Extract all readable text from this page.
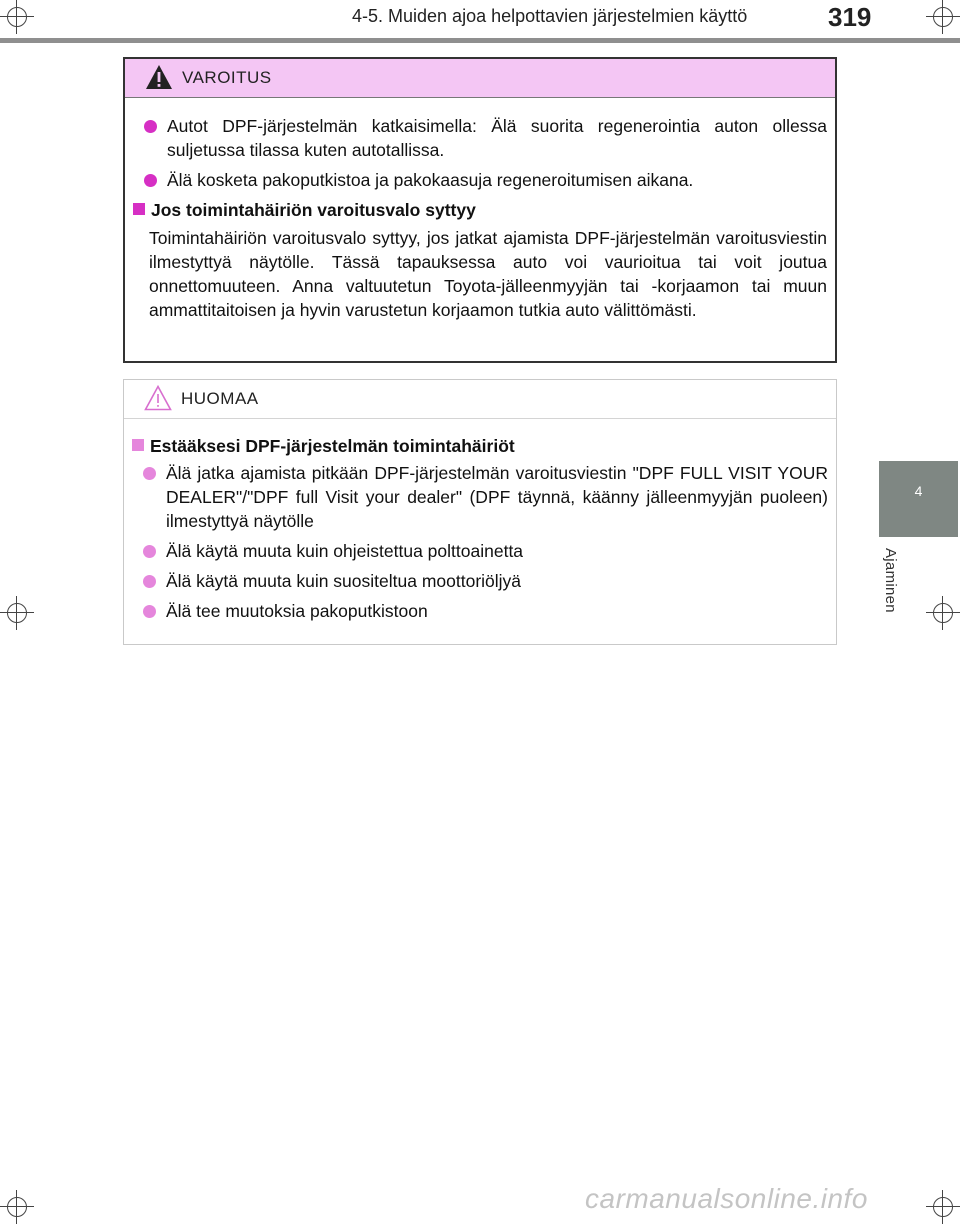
4-5. Muiden ajoa helpottavien järjestelmien käyttö	319
4
Ajaminen
VAROITUS

Autot DPF-järjestelmän katkaisimella: Älä suorita regenerointia auton ollessa suljetussa tilassa kuten autotallissa.

Älä kosketa pakoputkistoa ja pakokaasuja regeneroitumisen aikana.

Jos toimintahäiriön varoitusvalo syttyy

Toimintahäiriön varoitusvalo syttyy, jos jatkat ajamista DPF-järjestelmän varoitusviestin ilmestyttyä näytölle. Tässä tapauksessa auto voi vaurioitua tai voit joutua onnettomuuteen. Anna valtuutetun Toyota-jälleenmyyjän tai -korjaamon tai muun ammattitaitoisen ja hyvin varustetun korjaamon tutkia auto välittömästi.

HUOMAA

Estääksesi DPF-järjestelmän toimintahäiriöt

Älä jatka ajamista pitkään DPF-järjestelmän varoitusviestin "DPF FULL VISIT YOUR DEALER"/"DPF full Visit your dealer" (DPF täynnä, käänny jälleenmyyjän puoleen) ilmestyttyä näytölle

Älä käytä muuta kuin ohjeistettua polttoainetta

Älä käytä muuta kuin suositeltua moottoriöljyä

Älä tee muutoksia pakoputkistoon

carmanualsonline.info
